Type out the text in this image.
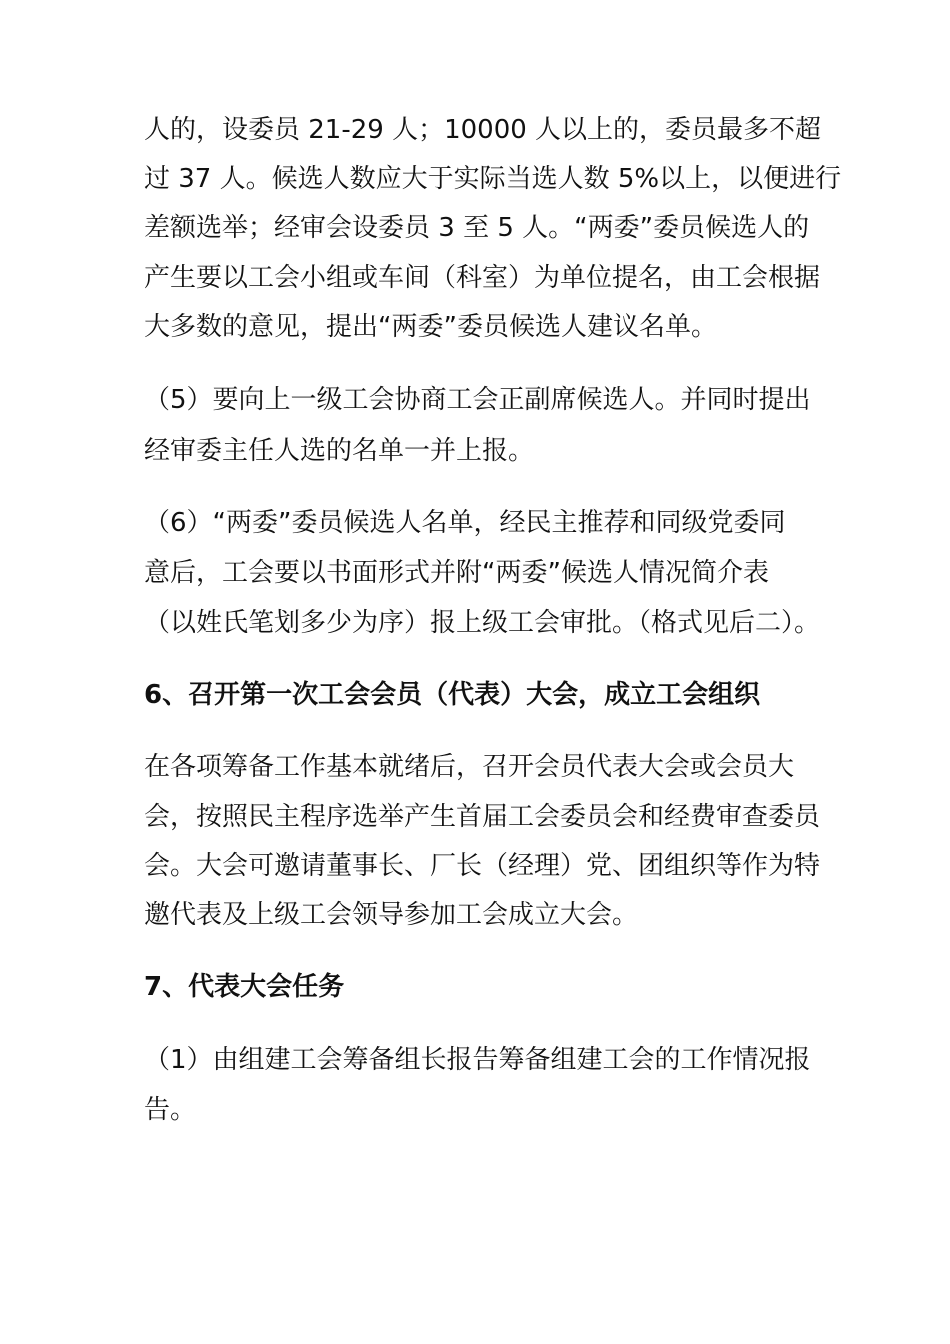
人的，设委员 21-29 人；10000 人以上的，委员最多不超

过 37 人。候选人数应大于实际当选人数 5%以上，以便进行

差额选举；经审会设委员 3 至 5 人。“两委”委员候选人的

产生要以工会小组或车间（科室）为单位提名，由工会根据

大多数的意见，提出“两委”委员候选人建议名单。

（5）要向上一级工会协商工会正副席候选人。并同时提出

经审委主任人选的名单一并上报。

（6）“两委”委员候选人名单，经民主推荐和同级党委同

意后，工会要以书面形式并附“两委”候选人情况简介表

（以姓氏笔划多少为序）报上级工会审批。（格式见后二）。

6、召开第一次工会会员（代表）大会，成立工会组织

在各项筹备工作基本就绪后，召开会员代表大会或会员大

会，按照民主程序选举产生首届工会委员会和经费审查委员

会。大会可邀请董事长、厂长（经理）党、团组织等作为特

邀代表及上级工会领导参加工会成立大会。

7、代表大会任务

（1）由组建工会筹备组长报告筹备组建工会的工作情况报

告。
